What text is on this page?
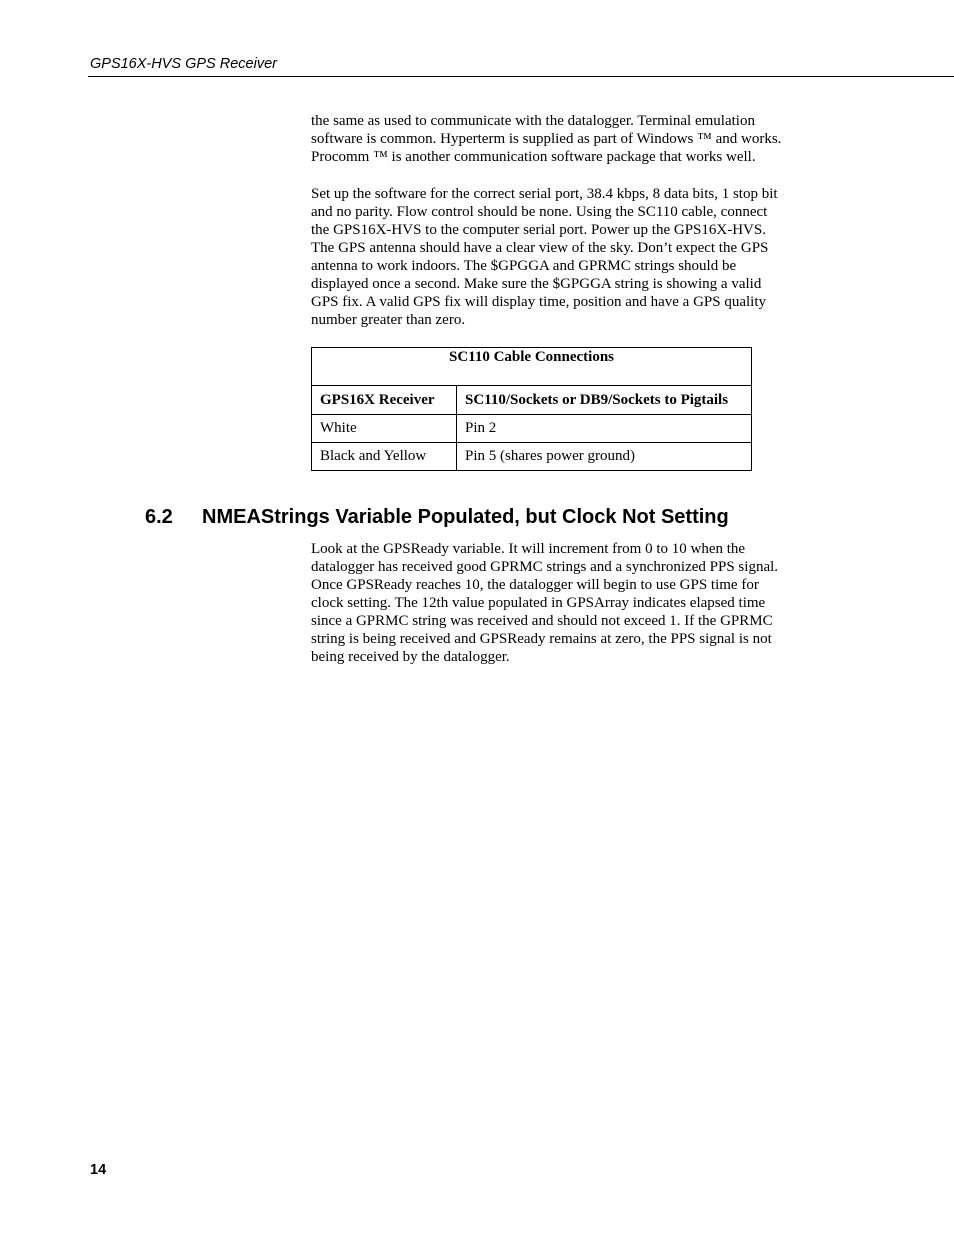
GPS16X-HVS GPS Receiver

the same as used to communicate with the datalogger. Terminal emulation
software is common. Hyperterm is supplied as part of Windows ™ and works.
Procomm ™ is another communication software package that works well.

Set up the software for the correct serial port, 38.4 kbps, 8 data bits, 1 stop bit
and no parity. Flow control should be none. Using the SC110 cable, connect
the GPS16X-HVS to the computer serial port. Power up the GPS16X-HVS.
The GPS antenna should have a clear view of the sky. Don’t expect the GPS
antenna to work indoors. The $GPGGA and GPRMC strings should be
displayed once a second. Make sure the $GPGGA string is showing a valid
GPS fix. A valid GPS fix will display time, position and have a GPS quality
number greater than zero.

SC110 Cable Connections	
GPS16X Receiver	SC110/Sockets or DB9/Sockets to Pigtails
White	Pin 2
Black and Yellow	Pin 5 (shares power ground)
6.2 NMEAStrings Variable Populated, but Clock Not Setting

Look at the GPSReady variable. It will increment from 0 to 10 when the
datalogger has received good GPRMC strings and a synchronized PPS signal.
Once GPSReady reaches 10, the datalogger will begin to use GPS time for
clock setting. The 12th value populated in GPSArray indicates elapsed time
since a GPRMC string was received and should not exceed 1. If the GPRMC
string is being received and GPSReady remains at zero, the PPS signal is not
being received by the datalogger.

14
